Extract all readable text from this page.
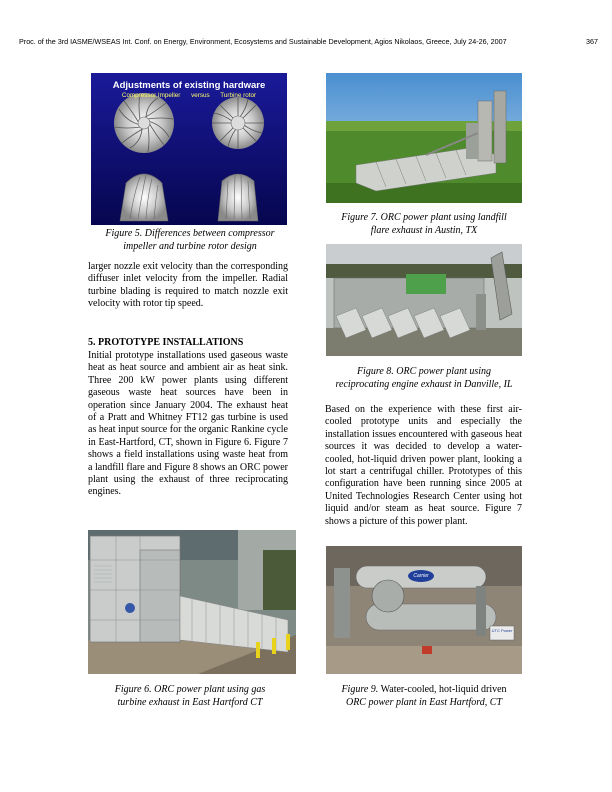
Proc. of the 3rd IASME/WSEAS Int. Conf. on Energy, Environment, Ecosystems and Sustainable Development, Agios Nikolaos, Greece, July 24-26, 2007	367
Adjustments of existing hardware
Compressor Impeller versus Turbine rotor
Figure 5. Differences between compressor
impeller and turbine rotor design

larger nozzle exit velocity than the corresponding diffuser inlet velocity from the impeller. Radial turbine blading is required to match nozzle exit velocity with rotor tip speed.

5. PROTOTYPE INSTALLATIONS

Initial prototype installations used gaseous waste heat as heat source and ambient air as heat sink. Three 200 kW power plants using different gaseous waste heat sources have been in operation since January 2004. The exhaust heat of a Pratt and Whitney FT12 gas turbine is used as heat input source for the organic Rankine cycle in East-Hartford, CT, shown in Figure 6. Figure 7 shows a field installations using waste heat from a landfill flare and Figure 8 shows an ORC power plant using the exhaust of three reciprocating engines.

Figure 6. ORC power plant using gas
turbine exhaust in East Hartford CT
Figure 7. ORC power plant using landfill
flare exhaust in Austin, TX
Figure 8. ORC power plant using
reciprocating engine exhaust in Danville, IL

Based on the experience with these first air-cooled prototype units and especially the installation issues encountered with gaseous heat sources it was decided to develop a water-cooled, hot-liquid driven power plant, looking a lot start a centrifugal chiller. Prototypes of this configuration have been running since 2005 at United Technologies Research Center using hot liquid and/or steam as heat source. Figure 7 shows a picture of this power plant.

Carrier
UTC Power
Figure 9. Water-cooled, hot-liquid driven
ORC power plant in East Hartford, CT
